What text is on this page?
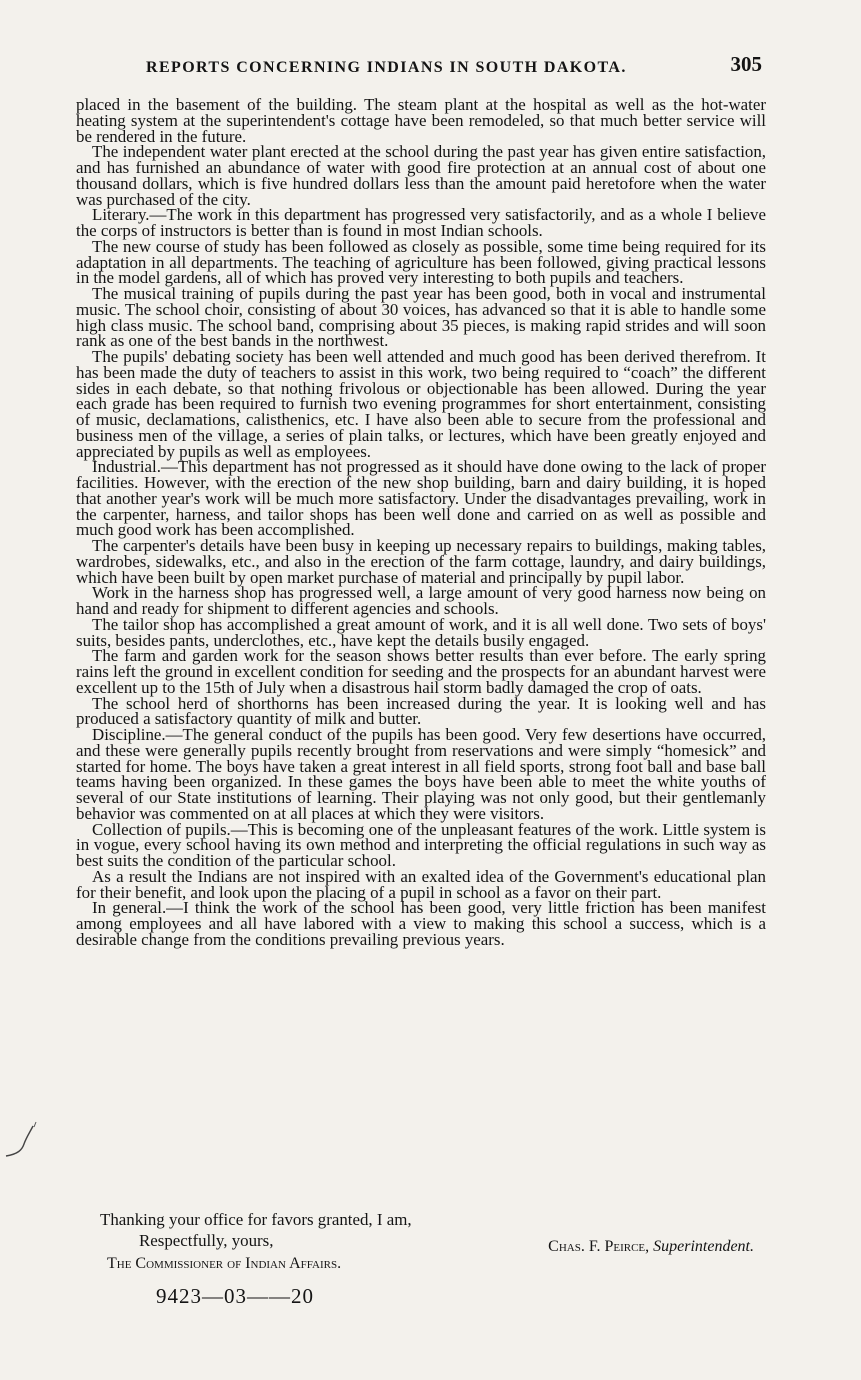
REPORTS CONCERNING INDIANS IN SOUTH DAKOTA.	305

placed in the basement of the building. The steam plant at the hospital as well as the hot-water heating system at the superintendent's cottage have been remodeled, so that much better service will be rendered in the future.

The independent water plant erected at the school during the past year has given entire satisfaction, and has furnished an abundance of water with good fire protection at an annual cost of about one thousand dollars, which is five hundred dollars less than the amount paid heretofore when the water was purchased of the city.

Literary.—The work in this department has progressed very satisfactorily, and as a whole I believe the corps of instructors is better than is found in most Indian schools.

The new course of study has been followed as closely as possible, some time being required for its adaptation in all departments. The teaching of agriculture has been followed, giving practical lessons in the model gardens, all of which has proved very interesting to both pupils and teachers.

The musical training of pupils during the past year has been good, both in vocal and instrumental music. The school choir, consisting of about 30 voices, has advanced so that it is able to handle some high class music. The school band, comprising about 35 pieces, is making rapid strides and will soon rank as one of the best bands in the northwest.

The pupils' debating society has been well attended and much good has been derived therefrom. It has been made the duty of teachers to assist in this work, two being required to “coach” the different sides in each debate, so that nothing frivolous or objectionable has been allowed. During the year each grade has been required to furnish two evening programmes for short entertainment, consisting of music, declamations, calisthenics, etc. I have also been able to secure from the professional and business men of the village, a series of plain talks, or lectures, which have been greatly enjoyed and appreciated by pupils as well as employees.

Industrial.—This department has not progressed as it should have done owing to the lack of proper facilities. However, with the erection of the new shop building, barn and dairy building, it is hoped that another year's work will be much more satisfactory. Under the disadvantages prevailing, work in the carpenter, harness, and tailor shops has been well done and carried on as well as possible and much good work has been accomplished.

The carpenter's details have been busy in keeping up necessary repairs to buildings, making tables, wardrobes, sidewalks, etc., and also in the erection of the farm cottage, laundry, and dairy buildings, which have been built by open market purchase of material and principally by pupil labor.

Work in the harness shop has progressed well, a large amount of very good harness now being on hand and ready for shipment to different agencies and schools.

The tailor shop has accomplished a great amount of work, and it is all well done. Two sets of boys' suits, besides pants, underclothes, etc., have kept the details busily engaged.

The farm and garden work for the season shows better results than ever before. The early spring rains left the ground in excellent condition for seeding and the prospects for an abundant harvest were excellent up to the 15th of July when a disastrous hail storm badly damaged the crop of oats.

The school herd of shorthorns has been increased during the year. It is looking well and has produced a satisfactory quantity of milk and butter.

Discipline.—The general conduct of the pupils has been good. Very few desertions have occurred, and these were generally pupils recently brought from reservations and were simply “homesick” and started for home. The boys have taken a great interest in all field sports, strong foot ball and base ball teams having been organized. In these games the boys have been able to meet the white youths of several of our State institutions of learning. Their playing was not only good, but their gentlemanly behavior was commented on at all places at which they were visitors.

Collection of pupils.—This is becoming one of the unpleasant features of the work. Little system is in vogue, every school having its own method and interpreting the official regulations in such way as best suits the condition of the particular school.

As a result the Indians are not inspired with an exalted idea of the Government's educational plan for their benefit, and look upon the placing of a pupil in school as a favor on their part.

In general.—I think the work of the school has been good, very little friction has been manifest among employees and all have labored with a view to making this school a success, which is a desirable change from the conditions prevailing previous years.

Thanking your office for favors granted, I am,
Respectfully, yours,	Chas. F. Peirce, Superintendent.
The Commissioner of Indian Affairs.
9423—03——20
